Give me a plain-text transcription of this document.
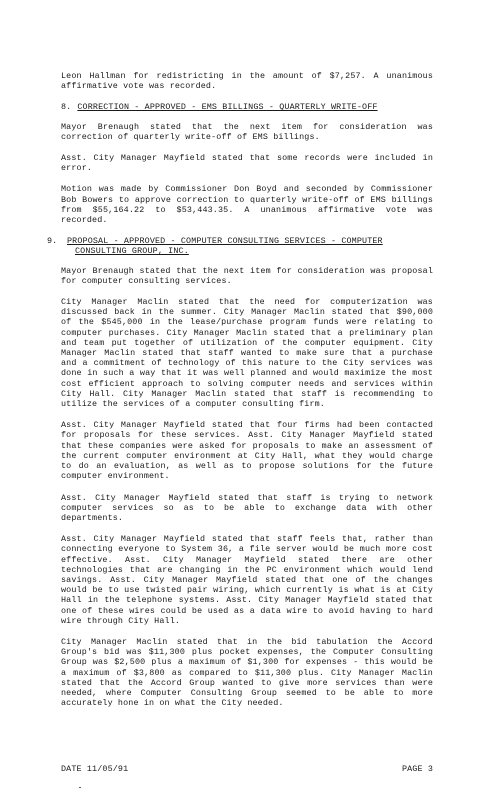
Leon Hallman for redistricting in the amount of $7,257. A unanimous affirmative vote was recorded.

8. CORRECTION - APPROVED - EMS BILLINGS - QUARTERLY WRITE-OFF

Mayor Brenaugh stated that the next item for consideration was correction of quarterly write-off of EMS billings.

Asst. City Manager Mayfield stated that some records were included in error.

Motion was made by Commissioner Don Boyd and seconded by Commissioner Bob Bowers to approve correction to quarterly write-off of EMS billings from $55,164.22 to $53,443.35. A unanimous affirmative vote was recorded.

9. PROPOSAL - APPROVED - COMPUTER CONSULTING SERVICES - COMPUTER CONSULTING GROUP, INC.

Mayor Brenaugh stated that the next item for consideration was proposal for computer consulting services.

City Manager Maclin stated that the need for computerization was discussed back in the summer. City Manager Maclin stated that $90,000 of the $545,000 in the lease/purchase program funds were relating to computer purchases. City Manager Maclin stated that a preliminary plan and team put together of utilization of the computer equipment. City Manager Maclin stated that staff wanted to make sure that a purchase and a commitment of technology of this nature to the City services was done in such a way that it was well planned and would maximize the most cost efficient approach to solving computer needs and services within City Hall. City Manager Maclin stated that staff is recommending to utilize the services of a computer consulting firm.

Asst. City Manager Mayfield stated that four firms had been contacted for proposals for these services. Asst. City Manager Mayfield stated that these companies were asked for proposals to make an assessment of the current computer environment at City Hall, what they would charge to do an evaluation, as well as to propose solutions for the future computer environment.

Asst. City Manager Mayfield stated that staff is trying to network computer services so as to be able to exchange data with other departments.

Asst. City Manager Mayfield stated that staff feels that, rather than connecting everyone to System 36, a file server would be much more cost effective. Asst. City Manager Mayfield stated there are other technologies that are changing in the PC environment which would lend savings. Asst. City Manager Mayfield stated that one of the changes would be to use twisted pair wiring, which currently is what is at City Hall in the telephone systems. Asst. City Manager Mayfield stated that one of these wires could be used as a data wire to avoid having to hard wire through City Hall.

City Manager Maclin stated that in the bid tabulation the Accord Group's bid was $11,300 plus pocket expenses, the Computer Consulting Group was $2,500 plus a maximum of $1,300 for expenses - this would be a maximum of $3,800 as compared to $11,300 plus. City Manager Maclin stated that the Accord Group wanted to give more services than were needed, where Computer Consulting Group seemed to be able to more accurately hone in on what the City needed.

DATE 11/05/91	PAGE 3
